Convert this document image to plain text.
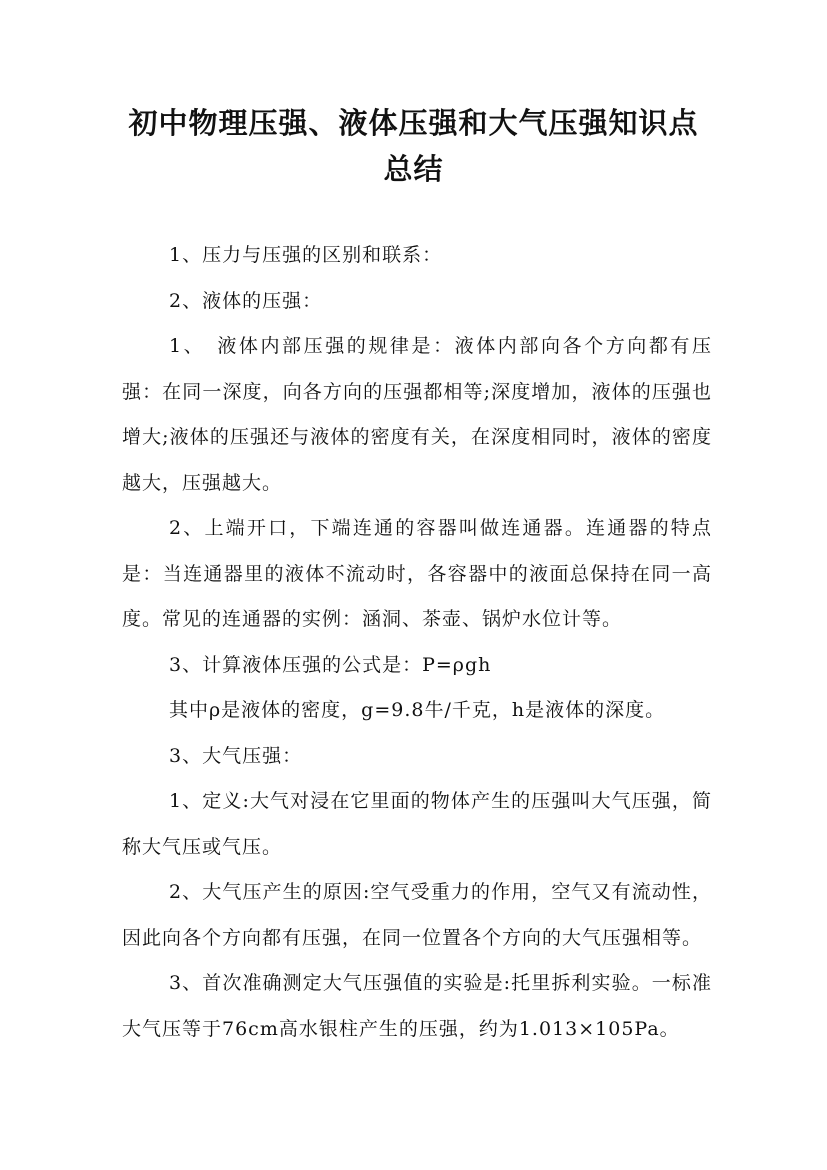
初中物理压强、液体压强和大气压强知识点
总结

1、压力与压强的区别和联系：

2、液体的压强：

1、　液体内部压强的规律是：液体内部向各个方向都有压强：在同一深度，向各方向的压强都相等;深度增加，液体的压强也增大;液体的压强还与液体的密度有关，在深度相同时，液体的密度越大，压强越大。

2、上端开口，下端连通的容器叫做连通器。连通器的特点是：当连通器里的液体不流动时，各容器中的液面总保持在同一高度。常见的连通器的实例：涵洞、茶壶、锅炉水位计等。

3、计算液体压强的公式是：P=ρgh

其中ρ是液体的密度，g=9.8牛/千克，h是液体的深度。

3、大气压强：

1、定义:大气对浸在它里面的物体产生的压强叫大气压强，简称大气压或气压。

2、大气压产生的原因:空气受重力的作用，空气又有流动性，因此向各个方向都有压强，在同一位置各个方向的大气压强相等。

3、首次准确测定大气压强值的实验是:托里拆利实验。一标准大气压等于76cm高水银柱产生的压强，约为1.013×105Pa。
